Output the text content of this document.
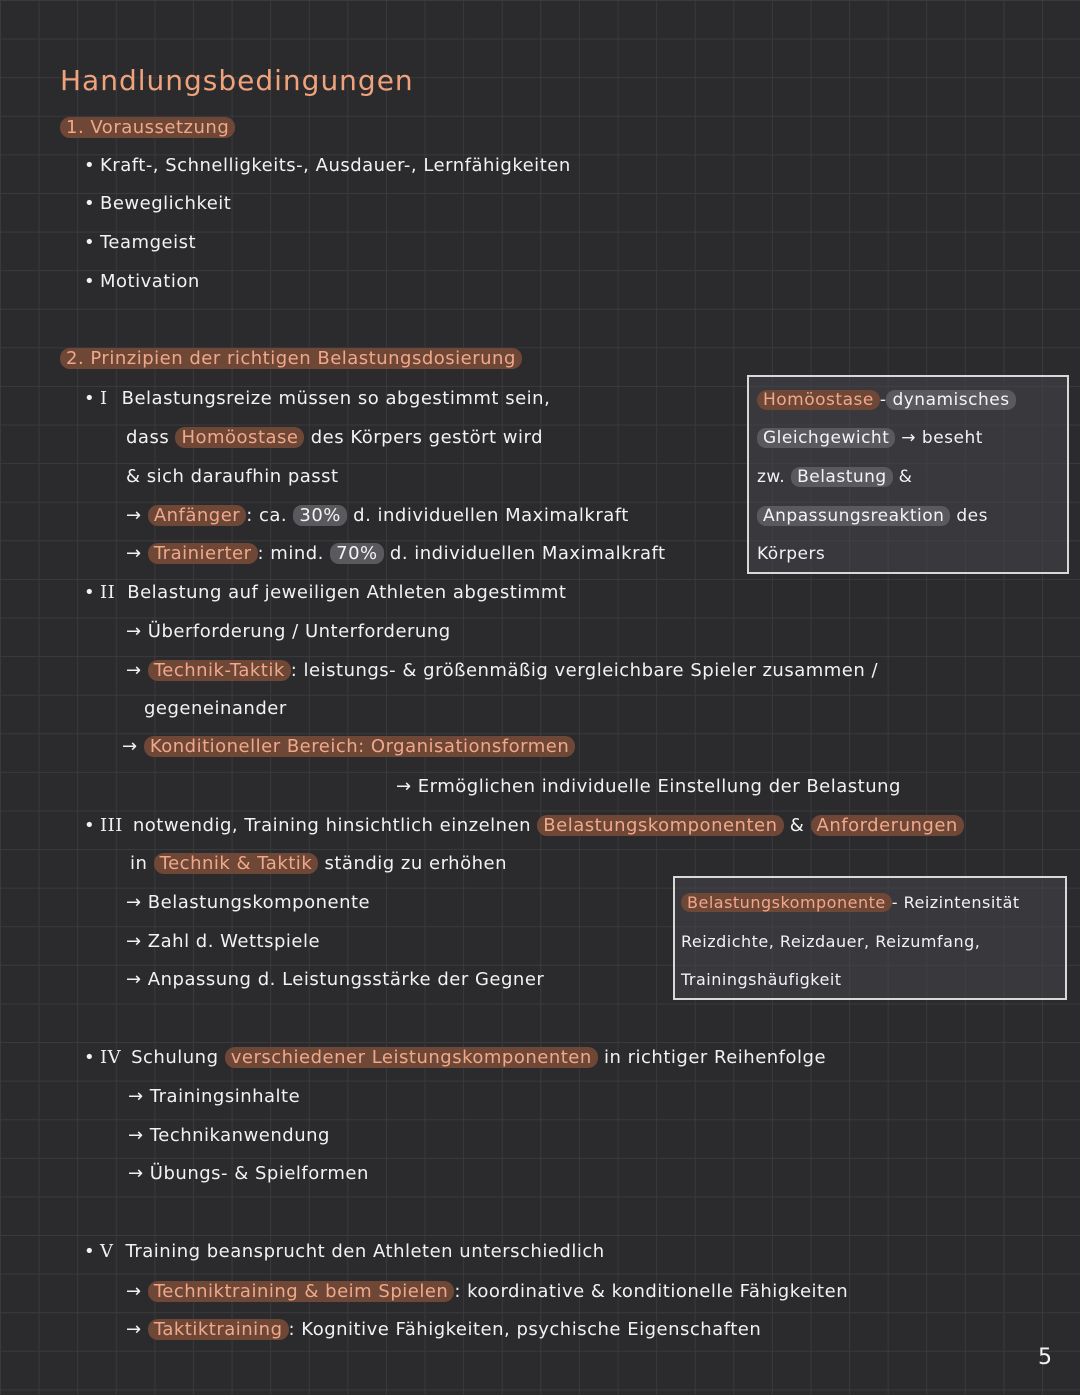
Handlungsbedingungen
1. Voraussetzung
• Kraft-, Schnelligkeits-, Ausdauer-, Lernfähigkeiten
• Beweglichkeit
• Teamgeist
• Motivation
2. Prinzipien der richtigen Belastungsdosierung
• I Belastungsreize müssen so abgestimmt sein,
dass Homöostase des Körpers gestört wird
& sich daraufhin passt
→ Anfänger : ca. 30% d. individuellen Maximalkraft
→ Trainierter : mind. 70% d. individuellen Maximalkraft
Homöostase - dynamisches
Gleichgewicht → beseht
zw. Belastung &
Anpassungsreaktion des
Körpers
• II Belastung auf jeweiligen Athleten abgestimmt
→ Überforderung / Unterforderung
→ Technik-Taktik : leistungs- & größenmäßig vergleichbare Spieler zusammen /
gegeneinander
→ Konditioneller Bereich: Organisationsformen
→ Ermöglichen individuelle Einstellung der Belastung
• III notwendig, Training hinsichtlich einzelnen Belastungskomponenten & Anforderungen
in Technik & Taktik ständig zu erhöhen
→ Belastungskomponente
→ Zahl d. Wettspiele
→ Anpassung d. Leistungsstärke der Gegner
Belastungskomponente - Reizintensität
Reizdichte, Reizdauer, Reizumfang,
Trainingshäufigkeit
• IV Schulung verschiedener Leistungskomponenten in richtiger Reihenfolge
→ Trainingsinhalte
→ Technikanwendung
→ Übungs- & Spielformen
• V Training beansprucht den Athleten unterschiedlich
→ Techniktraining & beim Spielen : koordinative & konditionelle Fähigkeiten
→ Taktiktraining : Kognitive Fähigkeiten, psychische Eigenschaften
5
